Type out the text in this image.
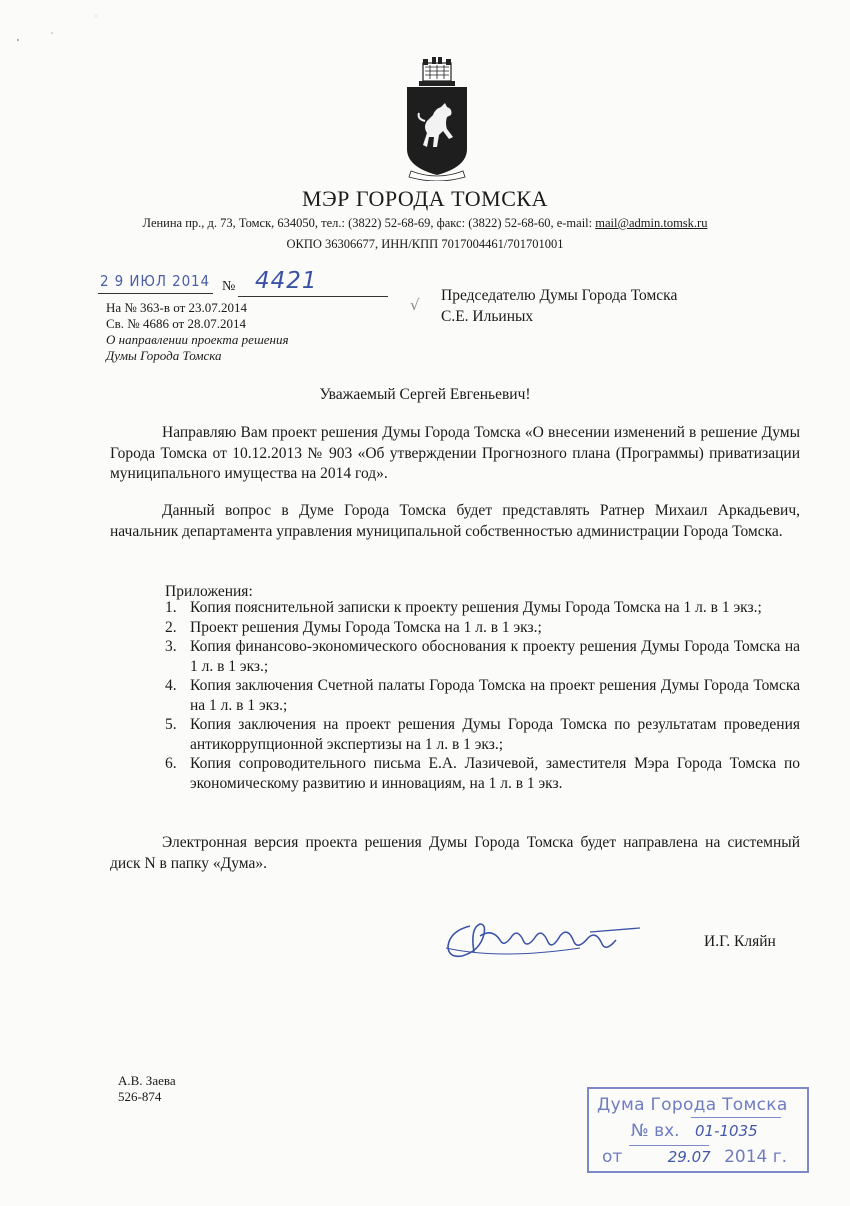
МЭР ГОРОДА ТОМСКА
Ленина пр., д. 73, Томск, 634050, тел.: (3822) 52-68-69, факс: (3822) 52-68-60, e-mail: mail@admin.tomsk.ru
ОКПО 36306677, ИНН/КПП 7017004461/701701001
2 9 ИЮЛ 2014 № 4421
На № 363-в от 23.07.2014
Св. № 4686 от 28.07.2014
О направлении проекта решения
Думы Города Томска
√
Председателю Думы Города Томска
С.Е. Ильиных
Уважаемый Сергей Евгеньевич!
Направляю Вам проект решения Думы Города Томска «О внесении изменений в решение Думы Города Томска от 10.12.2013 № 903 «Об утверждении Прогнозного плана (Программы) приватизации муниципального имущества на 2014 год».
Данный вопрос в Думе Города Томска будет представлять Ратнер Михаил Аркадьевич, начальник департамента управления муниципальной собственностью администрации Города Томска.
Приложения:
1. Копия пояснительной записки к проекту решения Думы Города Томска на 1 л. в 1 экз.;
2. Проект решения Думы Города Томска на 1 л. в 1 экз.;
3. Копия финансово-экономического обоснования к проекту решения Думы Города Томска на 1 л. в 1 экз.;
4. Копия заключения Счетной палаты Города Томска на проект решения Думы Города Томска на 1 л. в 1 экз.;
5. Копия заключения на проект решения Думы Города Томска по результатам проведения антикоррупционной экспертизы на 1 л. в 1 экз.;
6. Копия сопроводительного письма Е.А. Лазичевой, заместителя Мэра Города Томска по экономическому развитию и инновациям, на 1 л. в 1 экз.
Электронная версия проекта решения Думы Города Томска будет направлена на системный диск N в папку «Дума».
И.Г. Кляйн
А.В. Заева
526-874	Дума Города Томска
№ вх. 01-1035
от	29.07 2014 г.
